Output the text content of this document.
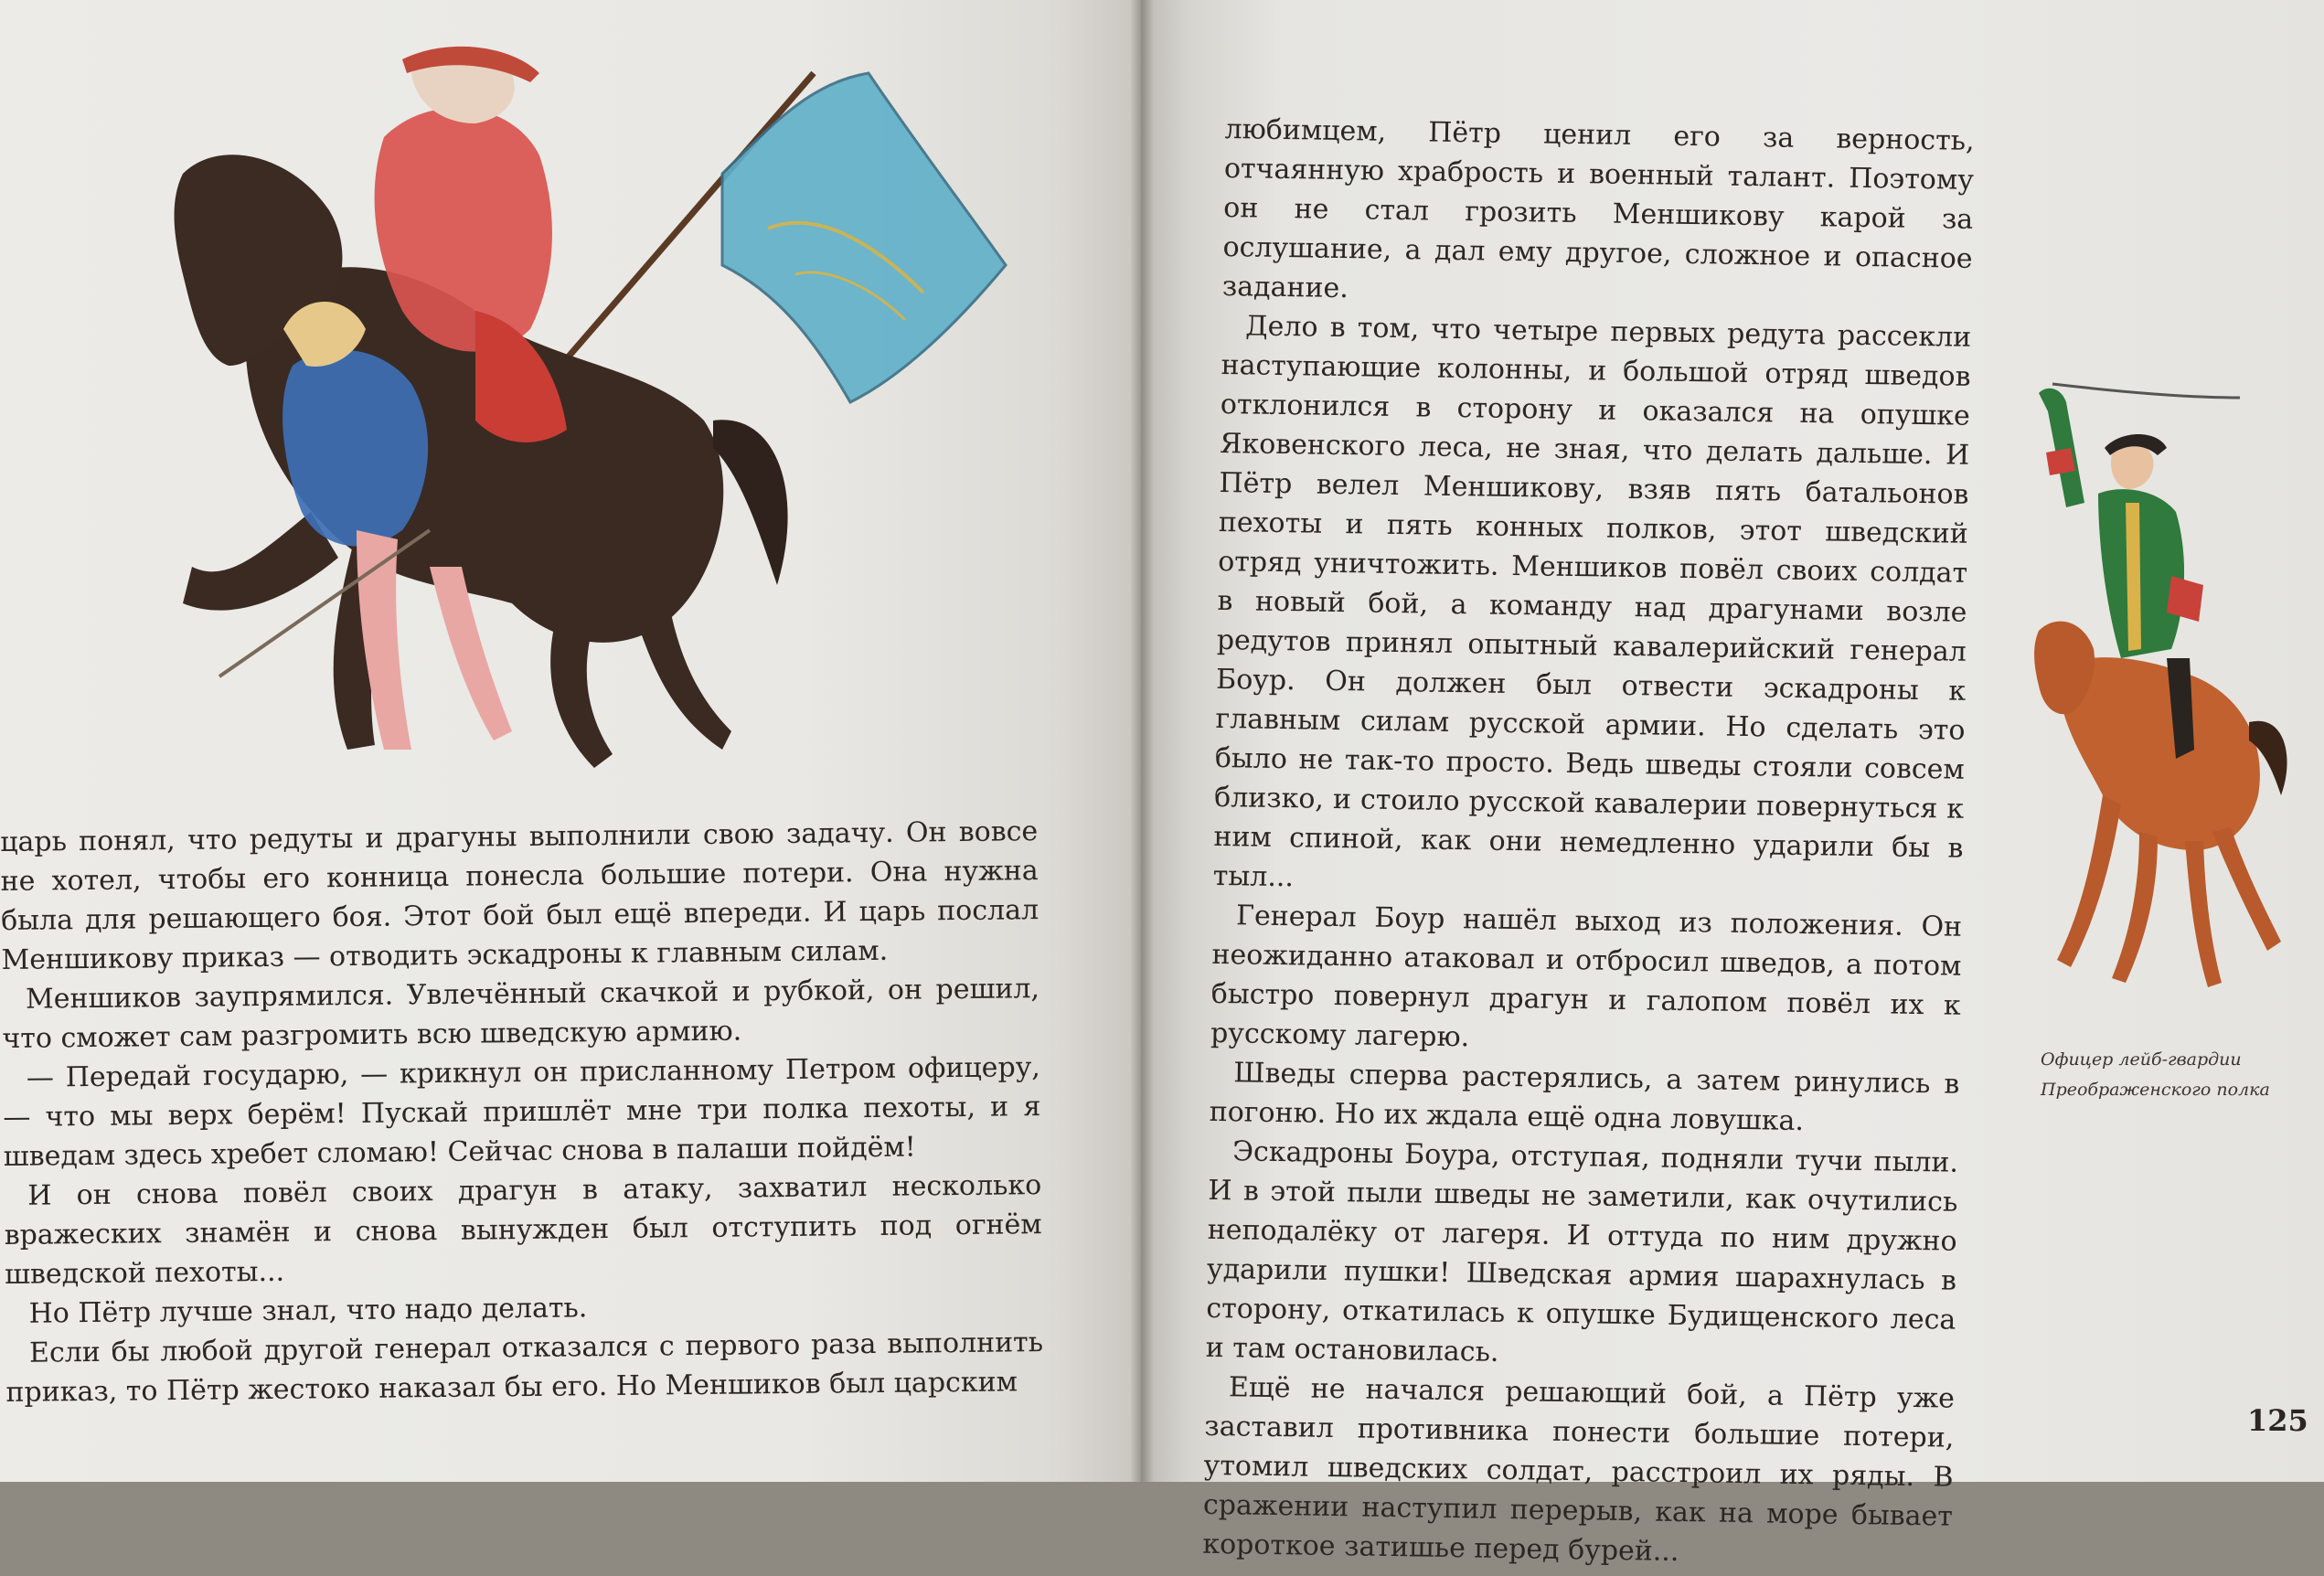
царь понял, что редуты и драгуны выполнили свою задачу. Он вовсе не хотел, чтобы его конница понесла большие потери. Она нужна была для решающего боя. Этот бой был ещё впереди. И царь послал Меншикову приказ — отводить эскадроны к главным силам.

Меншиков заупрямился. Увлечённый скачкой и рубкой, он решил, что сможет сам разгромить всю шведскую армию.

— Передай государю, — крикнул он присланному Петром офицеру, — что мы верх берём! Пускай пришлёт мне три полка пехоты, и я шведам здесь хребет сломаю! Сейчас снова в палаши пойдём!

И он снова повёл своих драгун в атаку, захватил несколько вражеских знамён и снова вынужден был отступить под огнём шведской пехоты...

Но Пётр лучше знал, что надо делать.

Если бы любой другой генерал отказался с первого раза выполнить приказ, то Пётр жестоко наказал бы его. Но Меншиков был царским

любимцем, Пётр ценил его за верность, отчаянную храбрость и военный талант. Поэтому он не стал грозить Меншикову карой за ослушание, а дал ему другое, сложное и опасное задание.

Дело в том, что четыре первых редута рассекли наступающие колонны, и большой отряд шведов отклонился в сторону и оказался на опушке Яковенского леса, не зная, что делать дальше. И Пётр велел Меншикову, взяв пять батальонов пехоты и пять конных полков, этот шведский отряд уничтожить. Меншиков повёл своих солдат в новый бой, а команду над драгунами возле редутов принял опытный кавалерийский генерал Боур. Он должен был отвести эскадроны к главным силам русской армии. Но сделать это было не так-то просто. Ведь шведы стояли совсем близко, и стоило русской кавалерии повернуться к ним спиной, как они немедленно ударили бы в тыл...

Генерал Боур нашёл выход из положения. Он неожиданно атаковал и отбросил шведов, а потом быстро повернул драгун и галопом повёл их к русскому лагерю.

Шведы сперва растерялись, а затем ринулись в погоню. Но их ждала ещё одна ловушка.

Эскадроны Боура, отступая, подняли тучи пыли. И в этой пыли шведы не заметили, как очутились неподалёку от лагеря. И оттуда по ним дружно ударили пушки! Шведская армия шарахнулась в сторону, откатилась к опушке Будищенского леса и там остановилась.

Ещё не начался решающий бой, а Пётр уже заставил противника понести большие потери, утомил шведских солдат, расстроил их ряды. В сражении наступил перерыв, как на море бывает короткое затишье перед бурей...

Офицер лейб-гвардии
Преображенского полка
125
